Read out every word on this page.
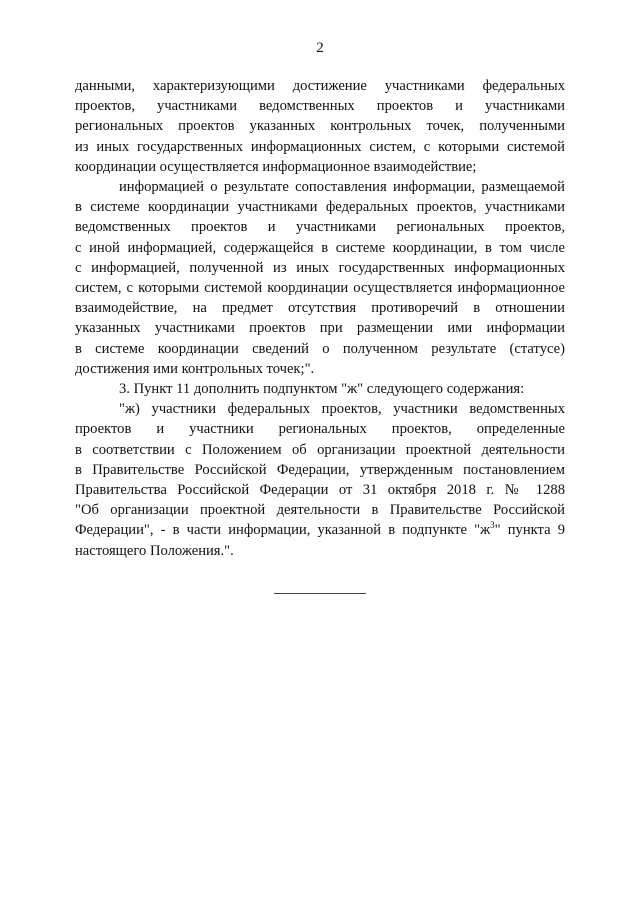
2
данными, характеризующими достижение участниками федеральных
проектов, участниками ведомственных проектов и участниками
региональных проектов указанных контрольных точек, полученными
из иных государственных информационных систем, с которыми системой
координации осуществляется информационное взаимодействие;
информацией о результате сопоставления информации, размещаемой
в системе координации участниками федеральных проектов, участниками
ведомственных проектов и участниками региональных проектов,
с иной информацией, содержащейся в системе координации, в том числе
с информацией, полученной из иных государственных информационных
систем, с которыми системой координации осуществляется информационное
взаимодействие, на предмет отсутствия противоречий в отношении
указанных участниками проектов при размещении ими информации
в системе координации сведений о полученном результате (статусе)
достижения ими контрольных точек;".
3. Пункт 11 дополнить подпунктом "ж" следующего содержания:
"ж) участники федеральных проектов, участники ведомственных
проектов и участники региональных проектов, определенные
в соответствии с Положением об организации проектной деятельности
в Правительстве Российской Федерации, утвержденным постановлением
Правительства Российской Федерации от 31 октября 2018 г. № 1288
"Об организации проектной деятельности в Правительстве Российской
Федерации", - в части информации, указанной в подпункте "$ж^3$" пункта 9
настоящего Положения.".
